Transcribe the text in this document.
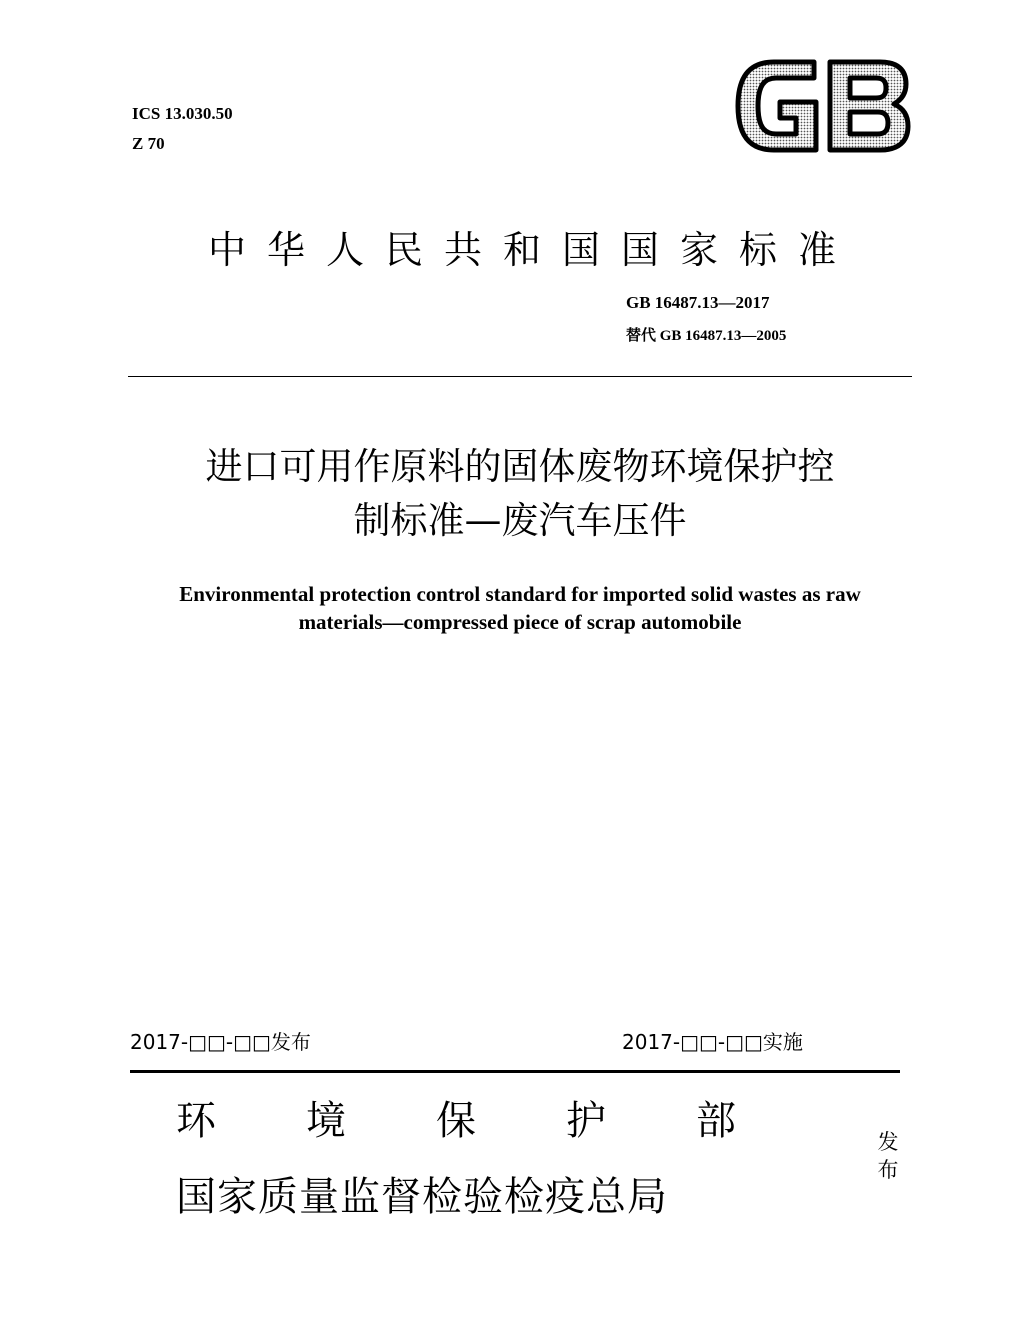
ICS 13.030.50
Z 70
中华人民共和国国家标准
GB 16487.13—2017
替代 GB 16487.13—2005
进口可用作原料的固体废物环境保护控
制标准—废汽车压件
Environmental protection control standard for imported solid wastes as raw
materials—compressed piece of scrap automobile
2017-□□-□□发布	2017-□□-□□实施
环 境 保 护 部
国家质量监督检验检疫总局
发
布
